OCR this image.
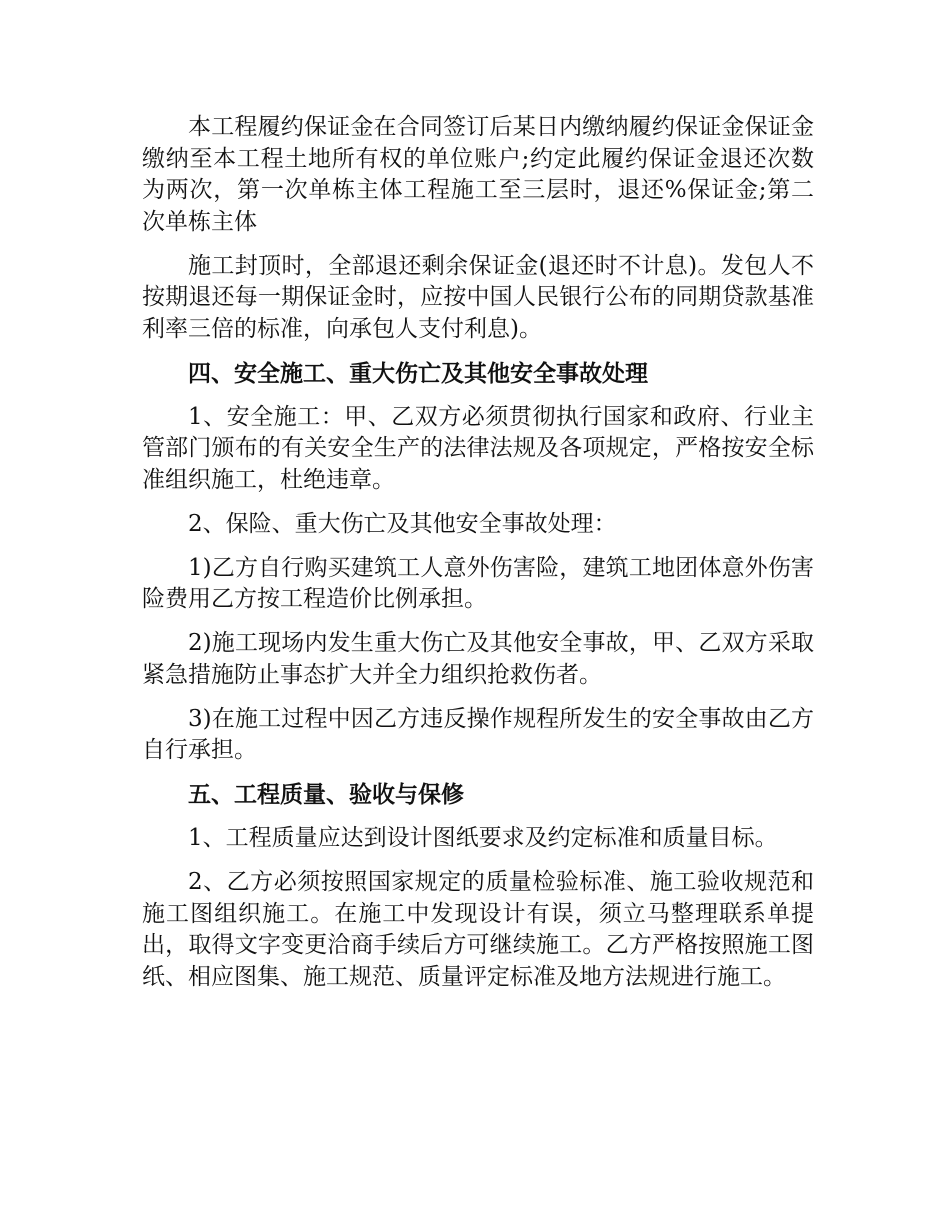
本工程履约保证金在合同签订后某日内缴纳履约保证金保证金缴纳至本工程土地所有权的单位账户;约定此履约保证金退还次数为两次，第一次单栋主体工程施工至三层时，退还%保证金;第二次单栋主体

施工封顶时，全部退还剩余保证金(退还时不计息)。发包人不按期退还每一期保证金时，应按中国人民银行公布的同期贷款基准利率三倍的标准，向承包人支付利息)。

四、安全施工、重大伤亡及其他安全事故处理

1、安全施工：甲、乙双方必须贯彻执行国家和政府、行业主管部门颁布的有关安全生产的法律法规及各项规定，严格按安全标准组织施工，杜绝违章。

2、保险、重大伤亡及其他安全事故处理：

1)乙方自行购买建筑工人意外伤害险，建筑工地团体意外伤害险费用乙方按工程造价比例承担。

2)施工现场内发生重大伤亡及其他安全事故，甲、乙双方采取紧急措施防止事态扩大并全力组织抢救伤者。

3)在施工过程中因乙方违反操作规程所发生的安全事故由乙方自行承担。

五、工程质量、验收与保修

1、工程质量应达到设计图纸要求及约定标准和质量目标。

2、乙方必须按照国家规定的质量检验标准、施工验收规范和施工图组织施工。在施工中发现设计有误，须立马整理联系单提出，取得文字变更洽商手续后方可继续施工。乙方严格按照施工图纸、相应图集、施工规范、质量评定标准及地方法规进行施工。
